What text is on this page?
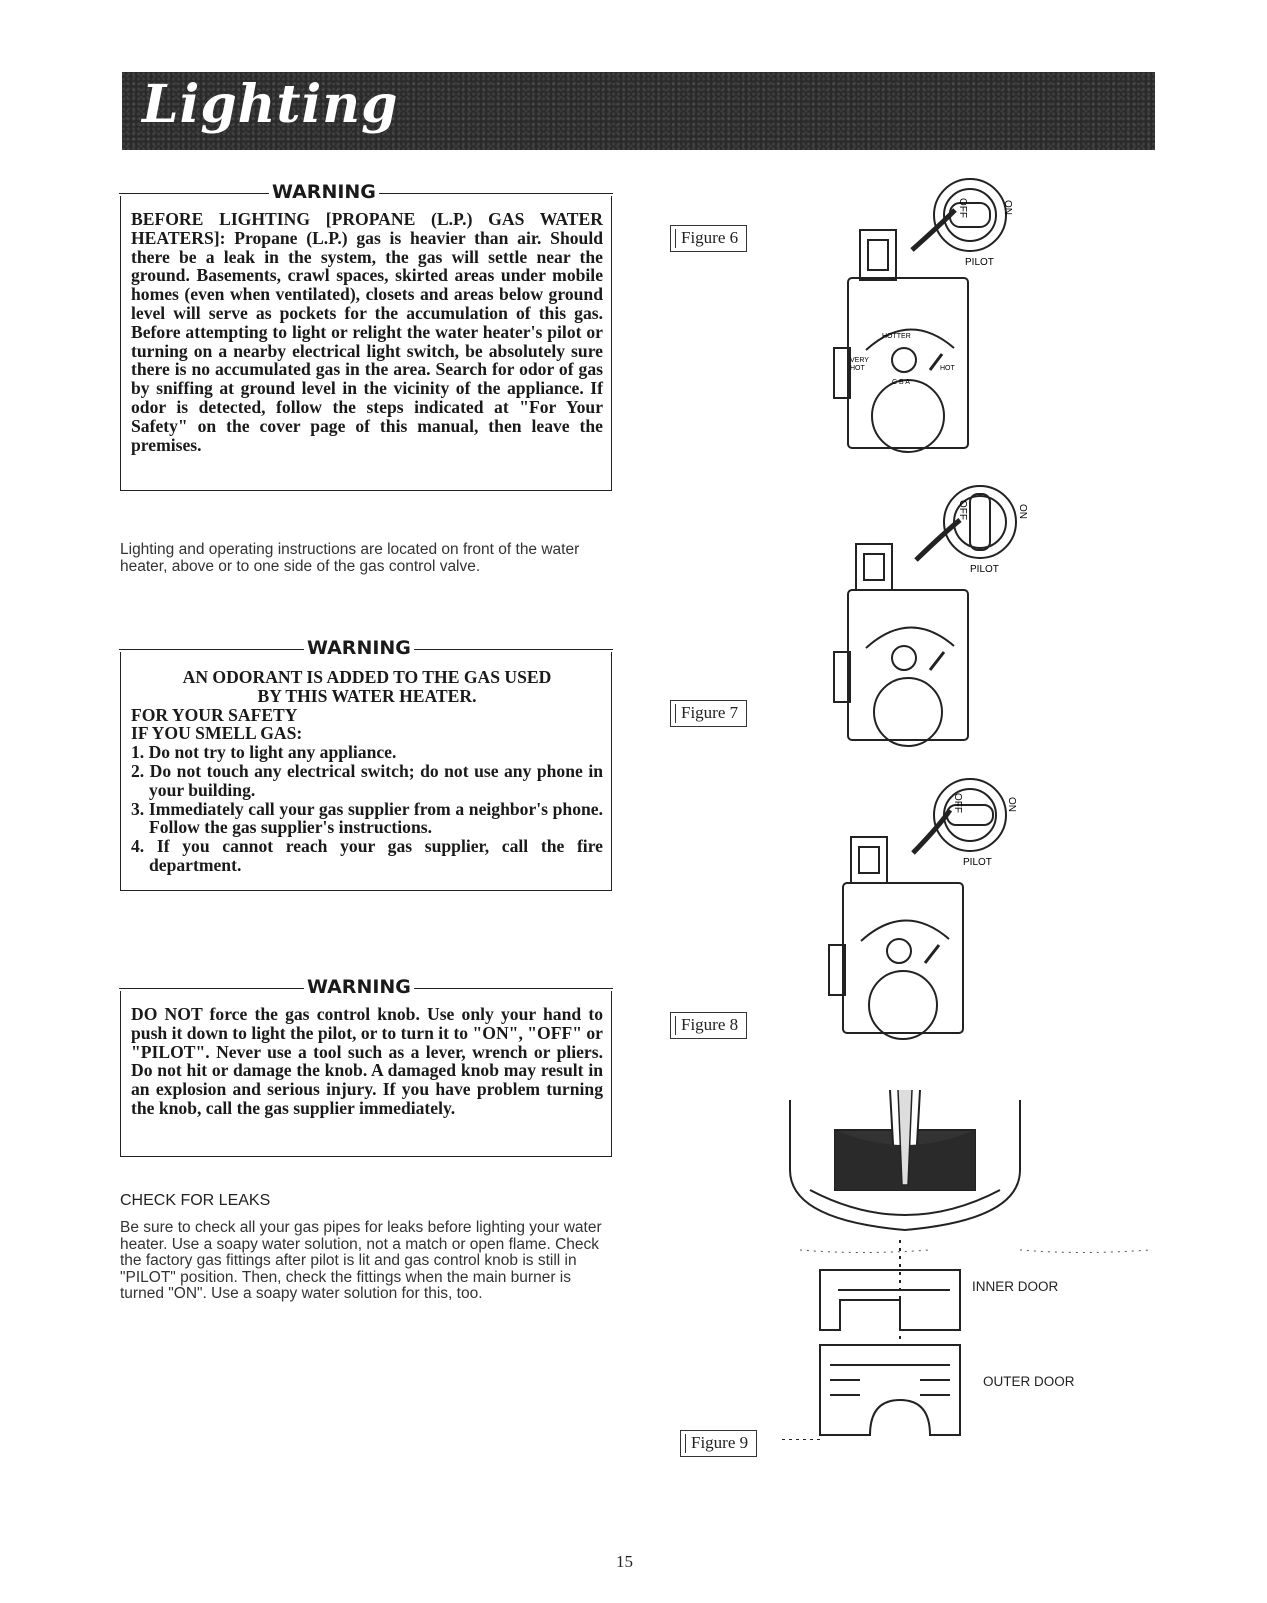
Lighting
WARNING

BEFORE LIGHTING [PROPANE (L.P.) GAS WATER HEATERS]: Propane (L.P.) gas is heavier than air. Should there be a leak in the system, the gas will settle near the ground. Basements, crawl spaces, skirted areas under mobile homes (even when ventilated), closets and areas below ground level will serve as pockets for the accumulation of this gas. Before attempting to light or relight the water heater's pilot or turning on a nearby electrical light switch, be absolutely sure there is no accumulated gas in the area. Search for odor of gas by sniffing at ground level in the vicinity of the appliance. If odor is detected, follow the steps indicated at "For Your Safety" on the cover page of this manual, then leave the premises.

Lighting and operating instructions are located on front of the water heater, above or to one side of the gas control valve.
WARNING

AN ODORANT IS ADDED TO THE GAS USED

BY THIS WATER HEATER.

FOR YOUR SAFETY

IF YOU SMELL GAS:

1. Do not try to light any appliance.
2. Do not touch any electrical switch; do not use any phone in your building.
3. Immediately call your gas supplier from a neighbor's phone. Follow the gas supplier's instructions.
4. If you cannot reach your gas supplier, call the fire department.
WARNING

DO NOT force the gas control knob. Use only your hand to push it down to light the pilot, or to turn it to "ON", "OFF" or "PILOT". Never use a tool such as a lever, wrench or pliers. Do not hit or damage the knob. A damaged knob may result in an explosion and serious injury. If you have problem turning the knob, call the gas supplier immediately.

CHECK FOR LEAKS
Be sure to check all your gas pipes for leaks before lighting your water heater. Use a soapy water solution, not a match or open flame. Check the factory gas fittings after pilot is lit and gas control knob is still in "PILOT" position. Then, check the fittings when the main burner is turned "ON". Use a soapy water solution for this, too.
Figure 6
Figure 7
Figure 8
Figure 9
OFF	ON
PILOT
HOTTER
VERY
HOT	HOT
C B A
OFF	ON
PILOT
OFF	ON
PILOT
INNER DOOR
OUTER DOOR
15
